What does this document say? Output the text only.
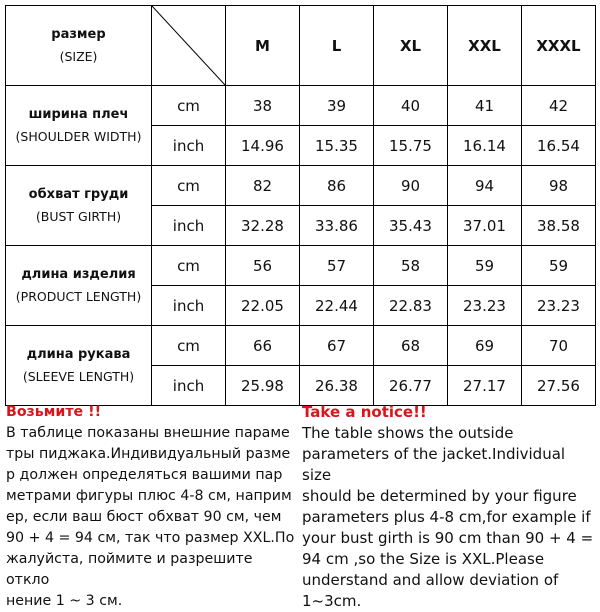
размер
(SIZE)		M	L	XL	XXL	XXXL

ширина плеч
(SHOULDER WIDTH)	cm	38	39	40	41	42
	inch	14.96	15.35	15.75	16.14	16.54

обхват груди
(BUST GIRTH)	cm	82	86	90	94	98
	inch	32.28	33.86	35.43	37.01	38.58

длина изделия
(PRODUCT LENGTH)	cm	56	57	58	59	59
	inch	22.05	22.44	22.83	23.23	23.23

длина рукава
(SLEEVE LENGTH)	cm	66	67	68	69	70
	inch	25.98	26.38	26.77	27.17	27.56

Возьмите !!

В таблице показаны внешние параме

тры пиджака.Индивидуальный разме

р должен определяться вашими пар

метрами фигуры плюс 4-8 см, наприм

ер, если ваш бюст обхват 90 см, чем

90 + 4 = 94 см, так что размер XXL.По

жалуйста, поймите и разрешите откло

нение 1 ~ 3 см.

Take a notice!!

The table shows the outside

parameters of the jacket.Individual size

should be determined by your figure

parameters plus 4-8 cm,for example if

your bust girth is 90 cm than 90 + 4 =

94 cm ,so the Size is XXL.Please

understand and allow deviation of

1~3cm.
